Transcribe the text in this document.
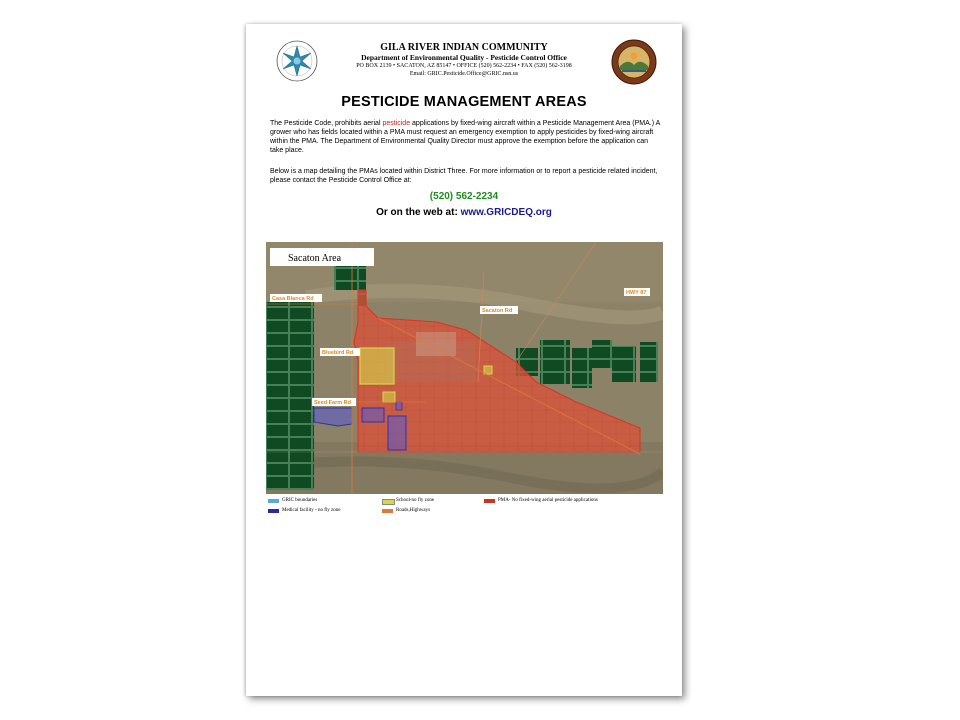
GILA RIVER INDIAN COMMUNITY
Department of Environmental Quality - Pesticide Control Office
PO BOX 2139 • SACATON, AZ 85147 • OFFICE (520) 562-2234 • FAX (520) 562-3198
Email: GRIC.Pesticide.Office@GRIC.nsn.us
PESTICIDE MANAGEMENT AREAS
The Pesticide Code, prohibits aerial pesticide applications by fixed-wing aircraft within a Pesticide Management Area (PMA.) A grower who has fields located within a PMA must request an emergency exemption to apply pesticides by fixed-wing aircraft within the PMA. The Department of Environmental Quality Director must approve the exemption before the application can take place.
Below is a map detailing the PMAs located within District Three. For more information or to report a pesticide related incident, please contact the Pesticide Control Office at:
(520) 562-2234
Or on the web at: www.GRICDEQ.org
Sacaton Area
Casa Blanca Rd
Sacaton Rd
HWY 87
Bluebird Rd
Seed Farm Rd
GRIC boundaries	School-no fly zone	PMA- No fixed-wing aerial pesticide applications
Medical facility - no fly zone	Roads,Highways
